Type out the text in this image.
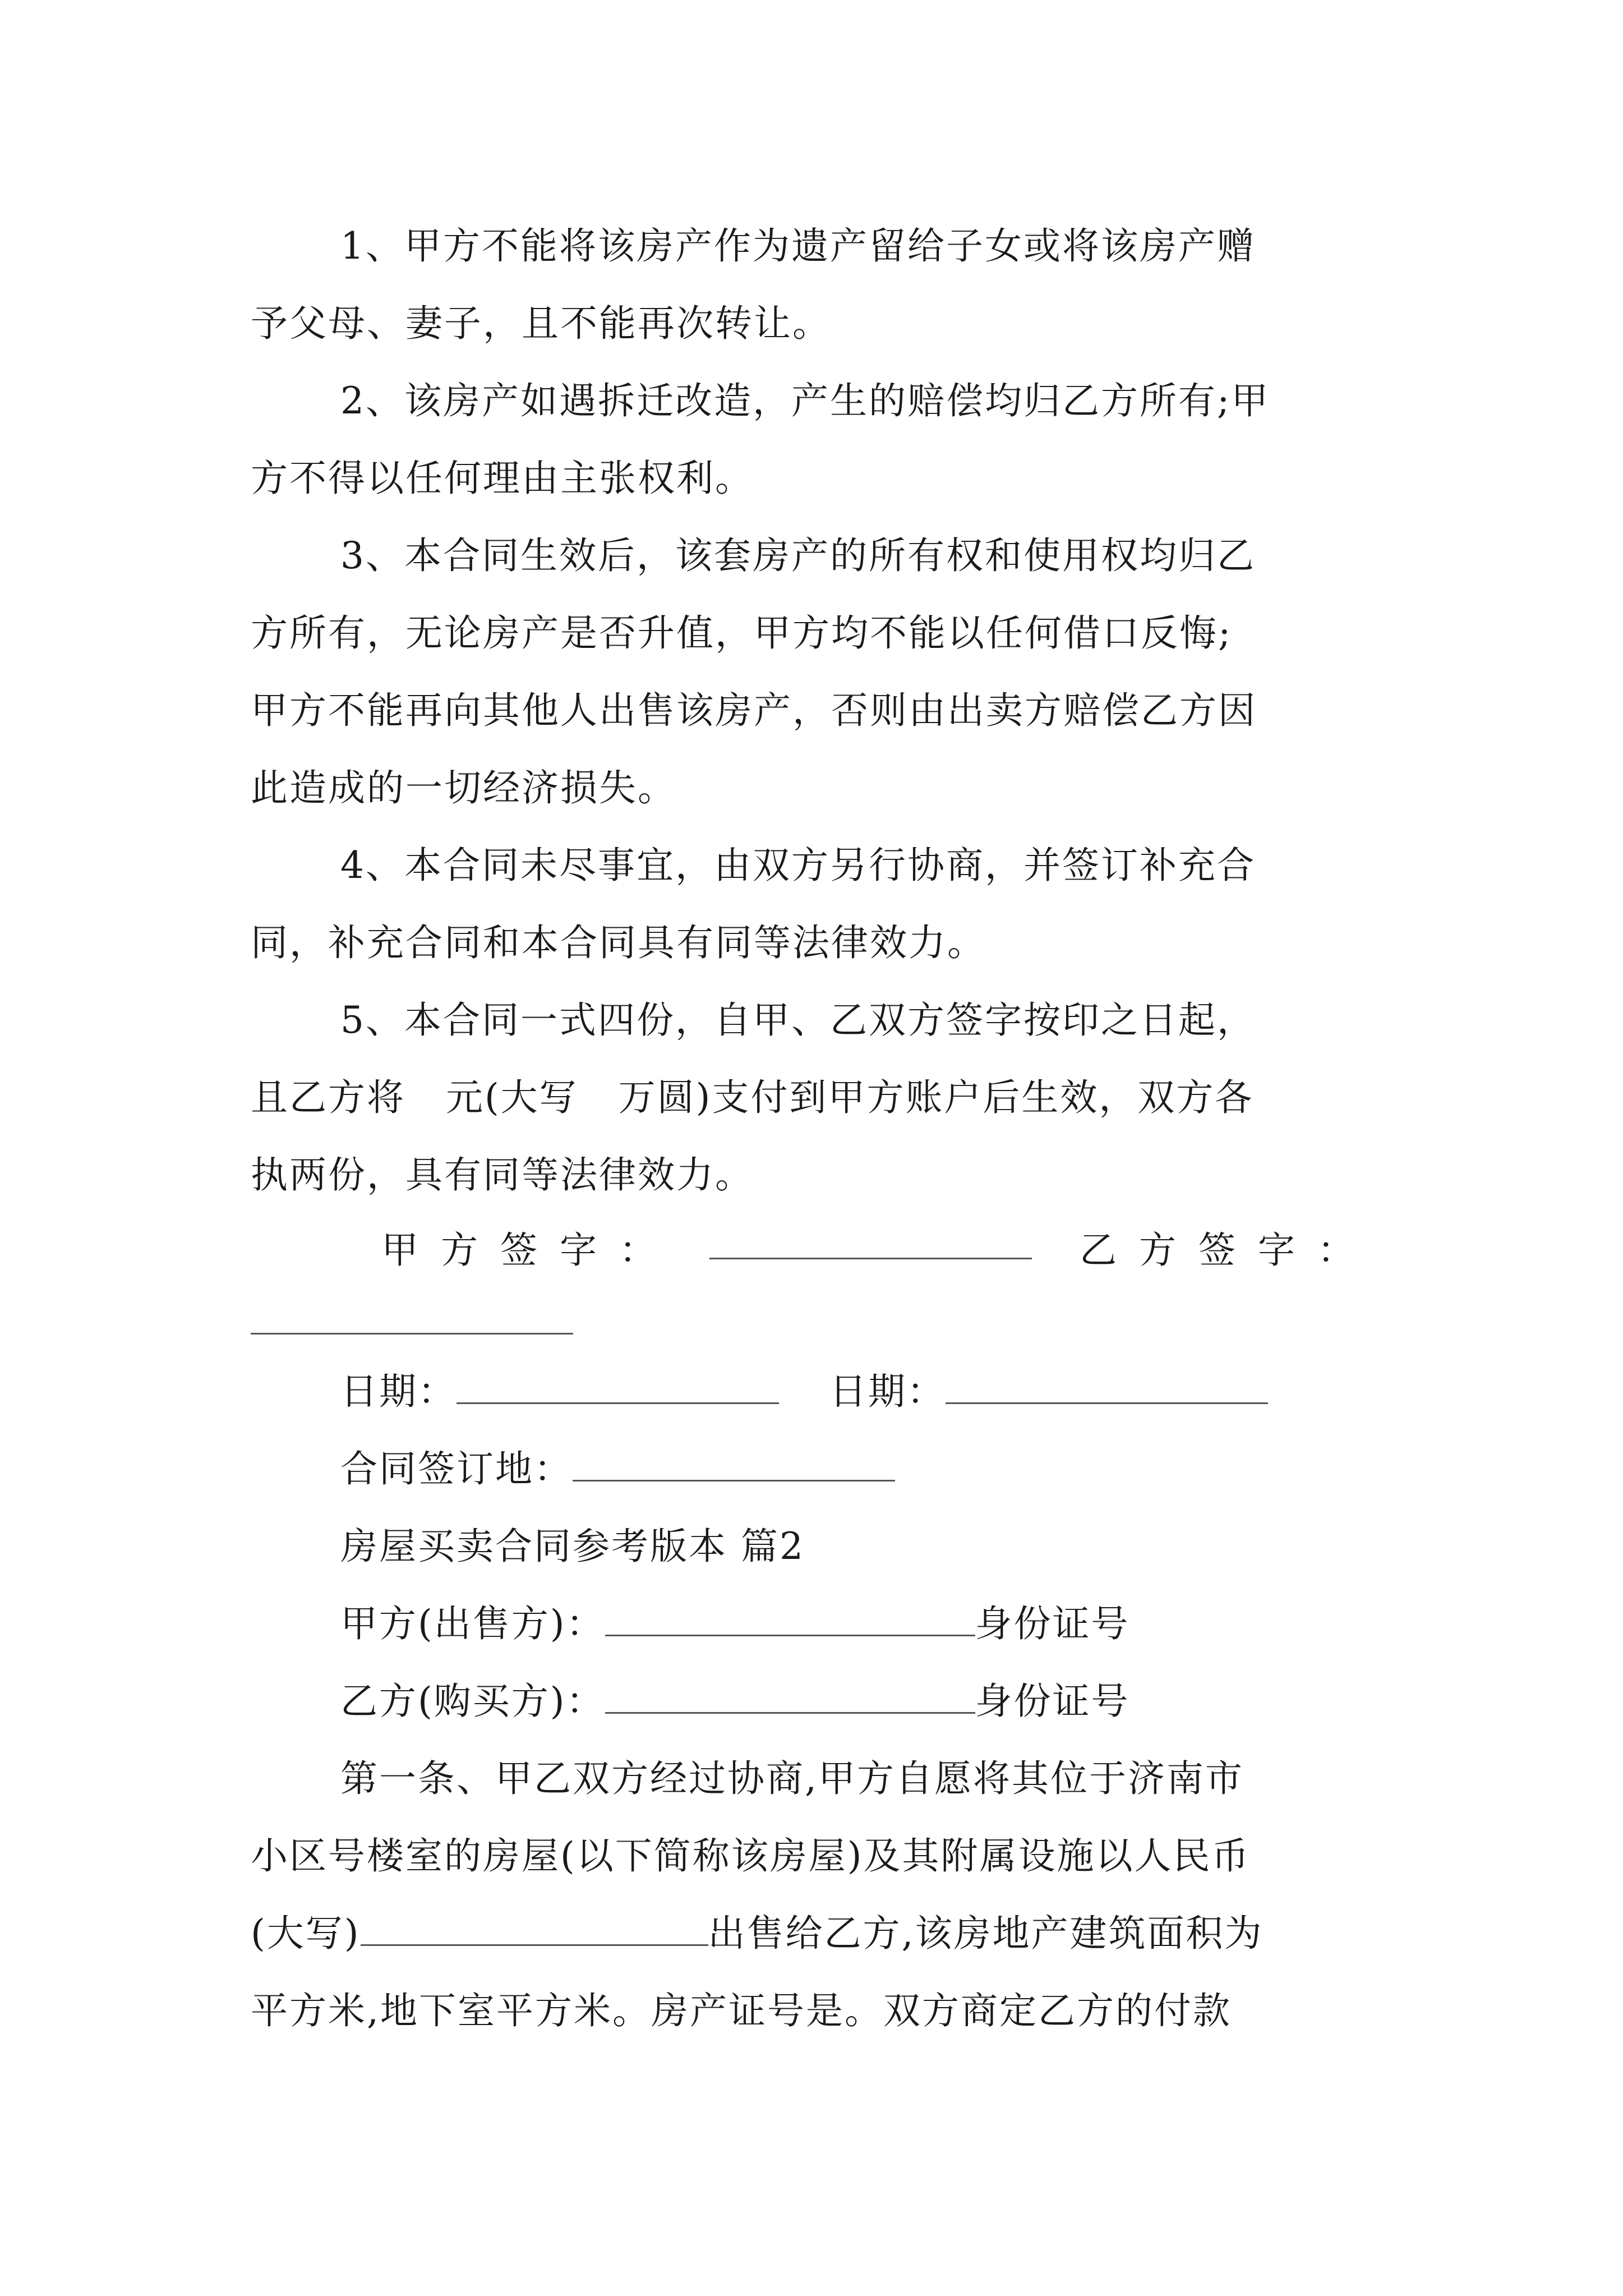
1、甲方不能将该房产作为遗产留给子女或将该房产赠

予父母、妻子，且不能再次转让。

2、该房产如遇拆迁改造，产生的赔偿均归乙方所有;甲

方不得以任何理由主张权利。

3、本合同生效后，该套房产的所有权和使用权均归乙

方所有，无论房产是否升值，甲方均不能以任何借口反悔;

甲方不能再向其他人出售该房产，否则由出卖方赔偿乙方因

此造成的一切经济损失。

4、本合同未尽事宜，由双方另行协商，并签订补充合

同，补充合同和本合同具有同等法律效力。

5、本合同一式四份，自甲、乙双方签字按印之日起，

且乙方将   元(大写   万圆)支付到甲方账户后生效，双方各

执两份，具有同等法律效力。

甲方签字：	乙方签字：

日期：	日期：

合同签订地：

房屋买卖合同参考版本 篇2

甲方(出售方)：	身份证号

乙方(购买方)：	身份证号

第一条、甲乙双方经过协商,甲方自愿将其位于济南市

小区号楼室的房屋(以下简称该房屋)及其附属设施以人民币

(大写)	出售给乙方,该房地产建筑面积为

平方米,地下室平方米。房产证号是。双方商定乙方的付款
